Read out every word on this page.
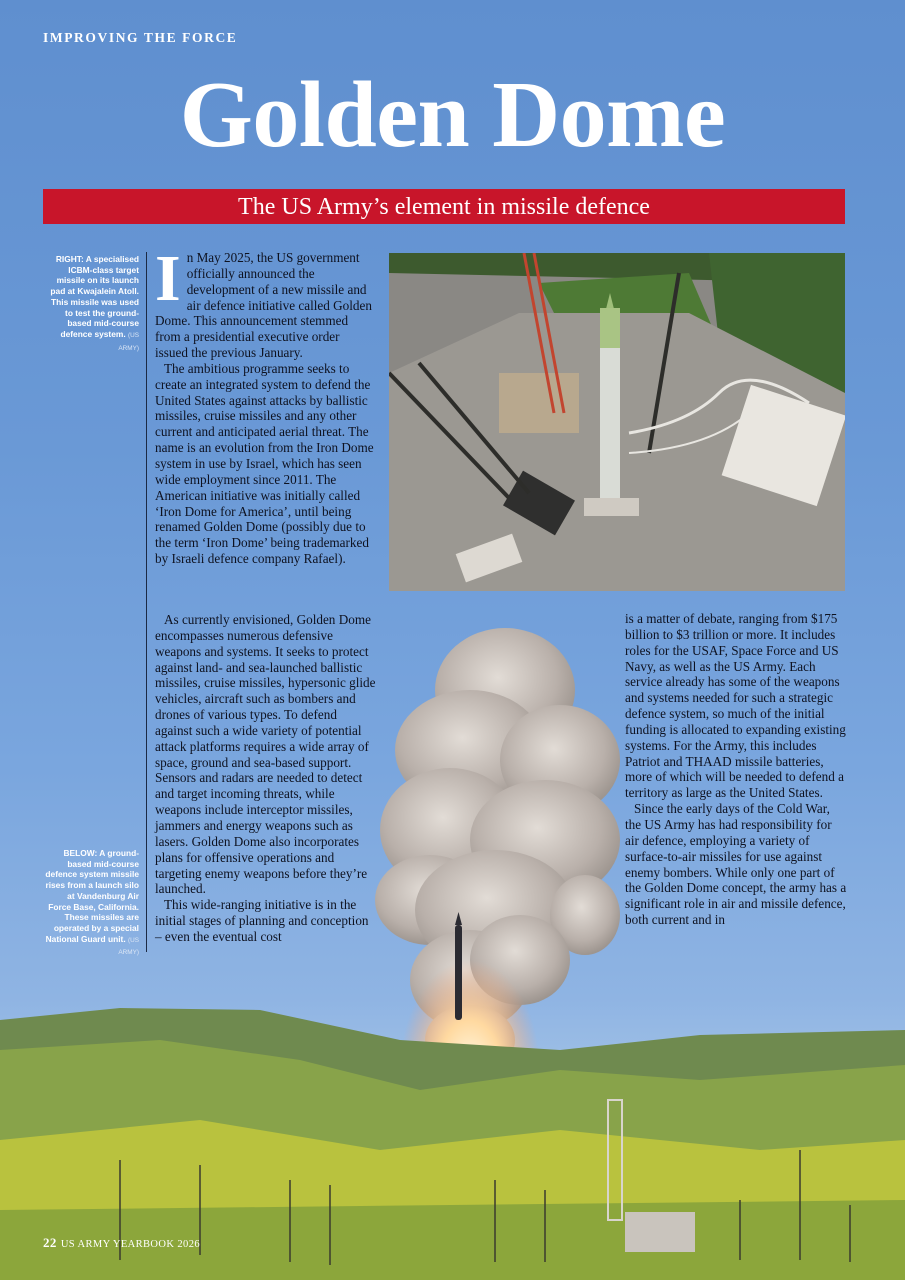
IMPROVING THE FORCE
Golden Dome
The US Army’s element in missile defence
RIGHT: A specialised ICBM-class target missile on its launch pad at Kwajalein Atoll. This missile was used to test the ground-based mid-course defence system. (US ARMY)
BELOW: A ground-based mid-course defence system missile rises from a launch silo at Vandenburg Air Force Base, California. These missiles are operated by a special National Guard unit. (US ARMY)

In May 2025, the US government officially announced the development of a new missile and air defence initiative called Golden Dome. This announcement stemmed from a presidential executive order issued the previous January.

The ambitious programme seeks to create an integrated system to defend the United States against attacks by ballistic missiles, cruise missiles and any other current and anticipated aerial threat. The name is an evolution from the Iron Dome system in use by Israel, which has seen wide employment since 2011. The American initiative was initially called ‘Iron Dome for America’, until being renamed Golden Dome (possibly due to the term ‘Iron Dome’ being trademarked by Israeli defence company Rafael).

As currently envisioned, Golden Dome encompasses numerous defensive weapons and systems. It seeks to protect against land- and sea-launched ballistic missiles, cruise missiles, hypersonic glide vehicles, aircraft such as bombers and drones of various types. To defend against such a wide variety of potential attack platforms requires a wide array of space, ground and sea-based support. Sensors and radars are needed to detect and target incoming threats, while weapons include interceptor missiles, jammers and energy weapons such as lasers. Golden Dome also incorporates plans for offensive operations and targeting enemy weapons before they’re launched.

This wide-ranging initiative is in the initial stages of planning and conception – even the eventual cost

is a matter of debate, ranging from $175 billion to $3 trillion or more. It includes roles for the USAF, Space Force and US Navy, as well as the US Army. Each service already has some of the weapons and systems needed for such a strategic defence system, so much of the initial funding is allocated to expanding existing systems. For the Army, this includes Patriot and THAAD missile batteries, more of which will be needed to defend a territory as large as the United States.

Since the early days of the Cold War, the US Army has had responsibility for air defence, employing a variety of surface-to-air missiles for use against enemy bombers. While only one part of the Golden Dome concept, the army has a significant role in air and missile defence, both current and in

22 US ARMY YEARBOOK 2026
